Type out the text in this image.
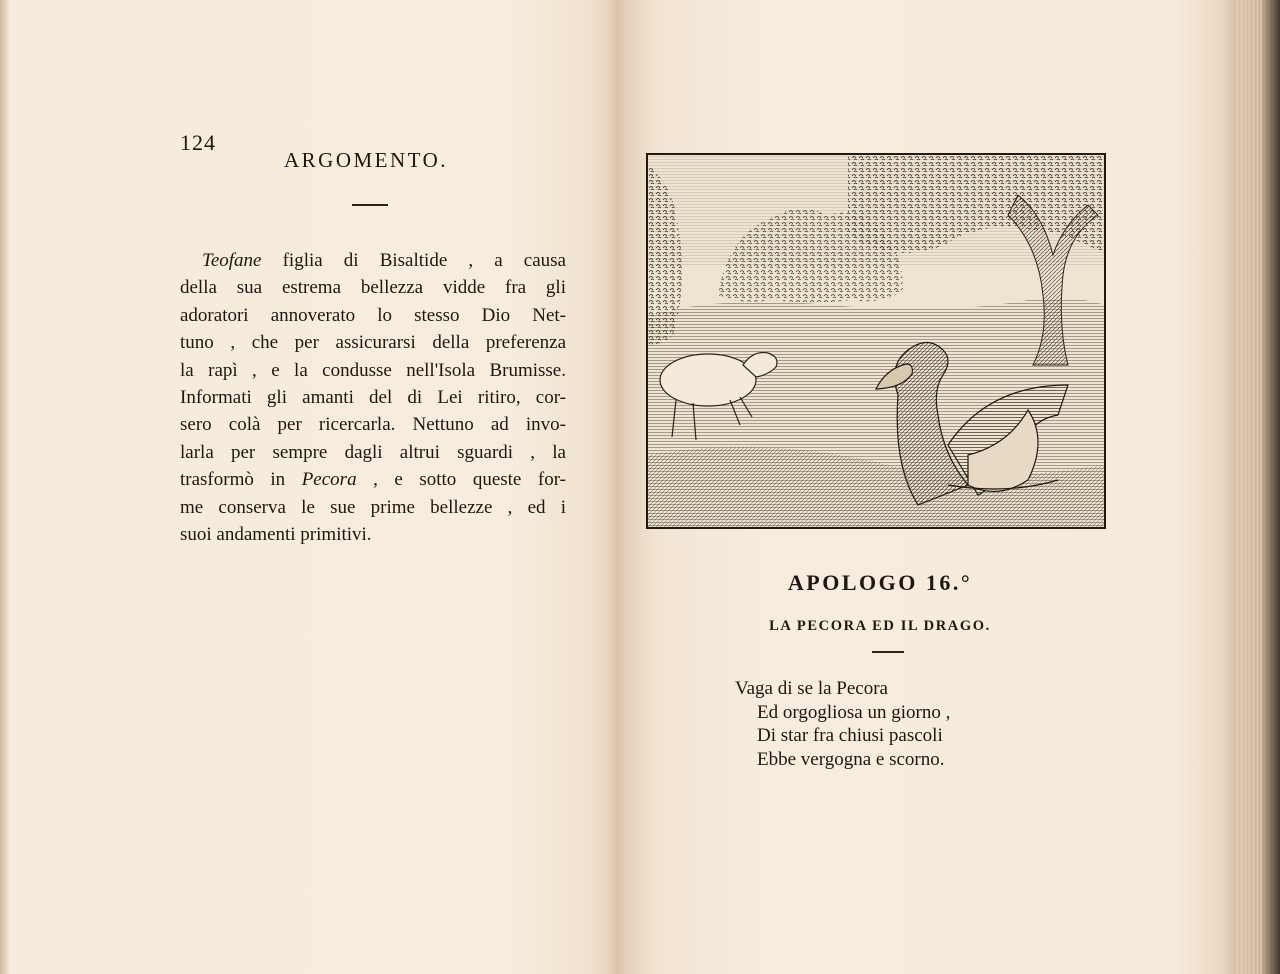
124
ARGOMENTO.
Teofane figlia di Bisaltide , a causa
della sua estrema bellezza vidde fra gli
adoratori annoverato lo stesso Dio Net-
tuno , che per assicurarsi della preferenza
la rapì , e la condusse nell'Isola Brumisse.
Informati gli amanti del di Lei ritiro, cor-
sero colà per ricercarla. Nettuno ad invo-
larla per sempre dagli altrui sguardi , la
trasformò in Pecora , e sotto queste for-
me conserva le sue prime bellezze , ed i
suoi andamenti primitivi.
APOLOGO 16.°
LA PECORA ED IL DRAGO.
Vaga di se la Pecora
Ed orgogliosa un giorno ,
Di star fra chiusi pascoli
Ebbe vergogna e scorno.
